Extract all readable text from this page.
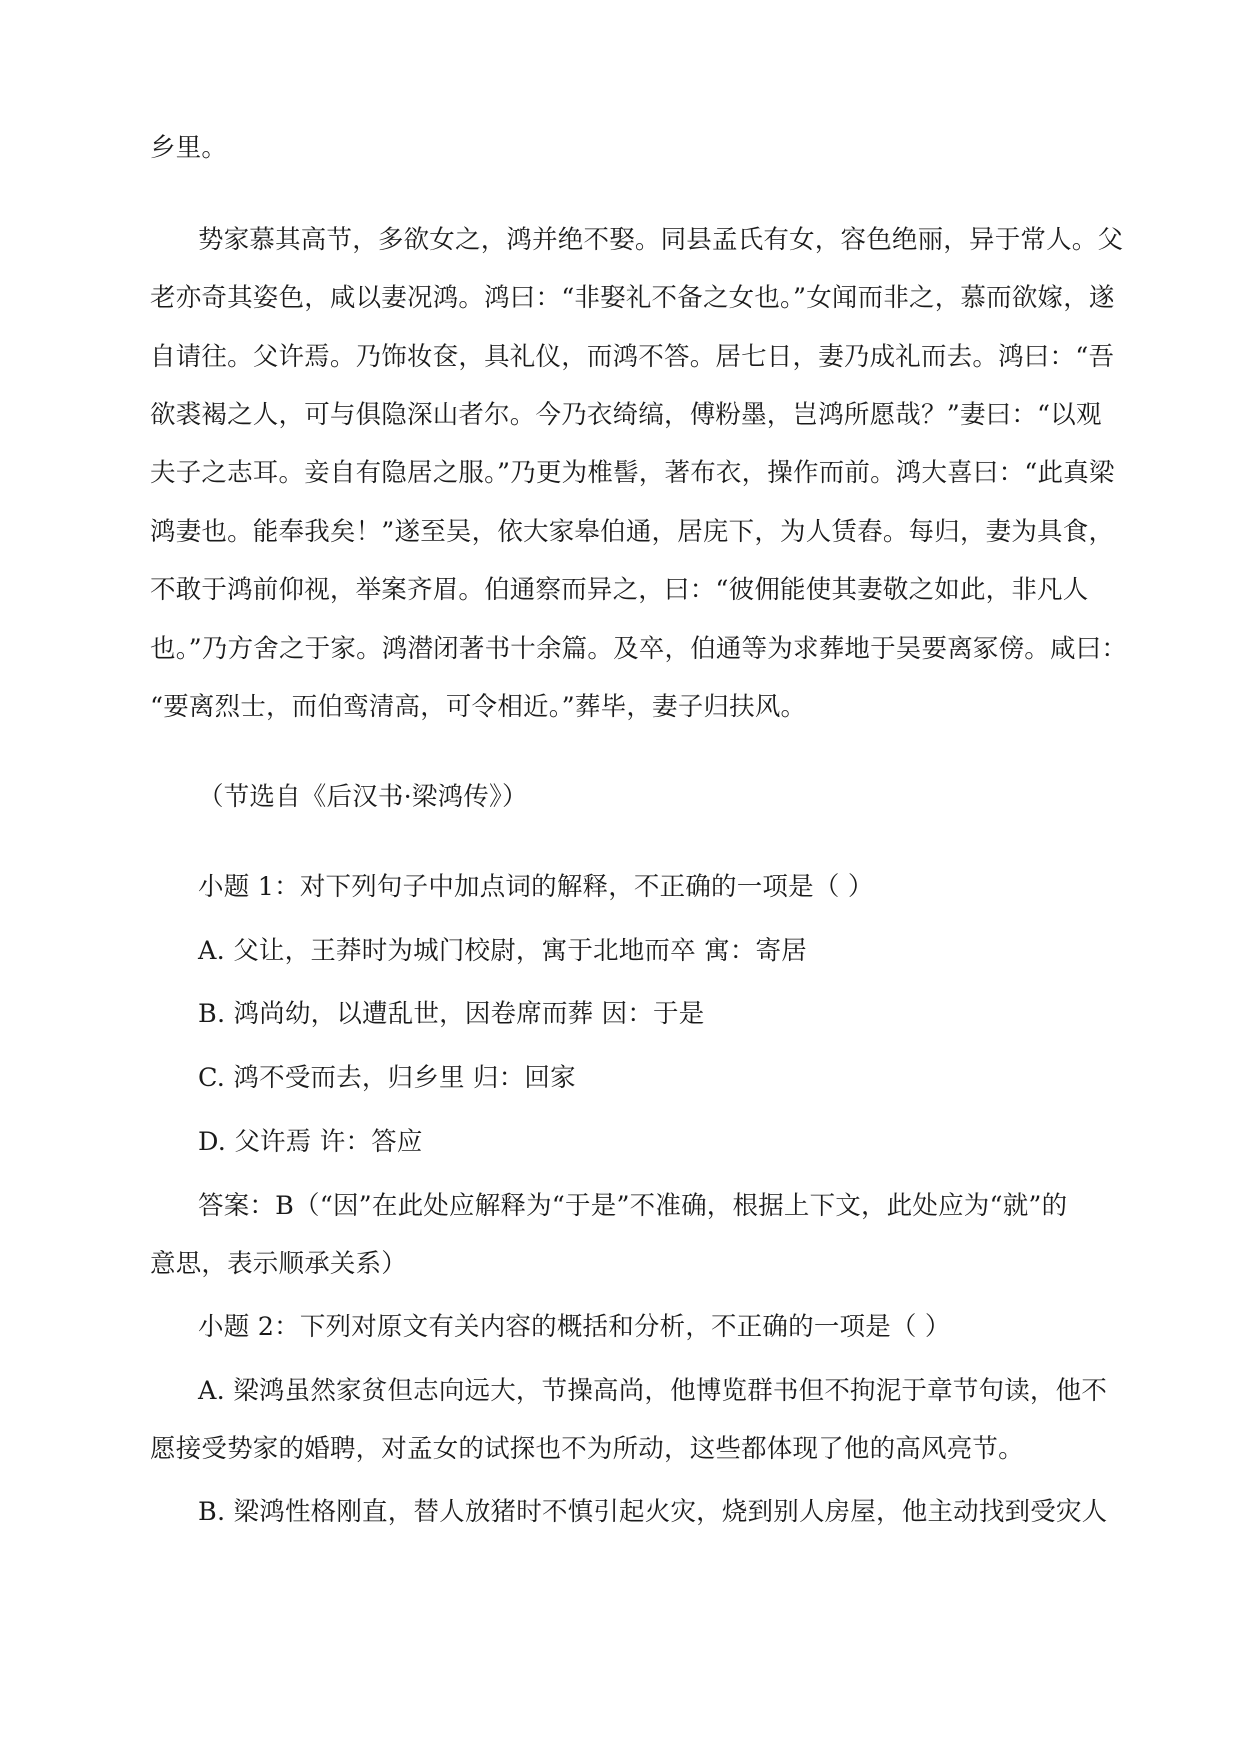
乡里。
势家慕其高节，多欲女之，鸿并绝不娶。同县孟氏有女，容色绝丽，异于常人。父
老亦奇其姿色，咸以妻况鸿。鸿曰：“非娶礼不备之女也。”女闻而非之，慕而欲嫁，遂
自请往。父许焉。乃饰妆奁，具礼仪，而鸿不答。居七日，妻乃成礼而去。鸿曰：“吾
欲裘褐之人，可与俱隐深山者尔。今乃衣绮缟，傅粉墨，岂鸿所愿哉？”妻曰：“以观
夫子之志耳。妾自有隐居之服。”乃更为椎髻，著布衣，操作而前。鸿大喜曰：“此真梁
鸿妻也。能奉我矣！”遂至吴，依大家皋伯通，居庑下，为人赁舂。每归，妻为具食，
不敢于鸿前仰视，举案齐眉。伯通察而异之，曰：“彼佣能使其妻敬之如此，非凡人
也。”乃方舍之于家。鸿潜闭著书十余篇。及卒，伯通等为求葬地于吴要离冢傍。咸曰：
“要离烈士，而伯鸾清高，可令相近。”葬毕，妻子归扶风。
（节选自《后汉书·梁鸿传》）
小题 1：对下列句子中加点词的解释，不正确的一项是（ ）
A. 父让，王莽时为城门校尉，寓于北地而卒 寓：寄居
B. 鸿尚幼，以遭乱世，因卷席而葬 因：于是
C. 鸿不受而去，归乡里 归：回家
D. 父许焉 许：答应
答案：B（“因”在此处应解释为“于是”不准确，根据上下文，此处应为“就”的
意思，表示顺承关系）
小题 2：下列对原文有关内容的概括和分析，不正确的一项是（ ）
A. 梁鸿虽然家贫但志向远大，节操高尚，他博览群书但不拘泥于章节句读，他不
愿接受势家的婚聘，对孟女的试探也不为所动，这些都体现了他的高风亮节。
B. 梁鸿性格刚直，替人放猪时不慎引起火灾，烧到别人房屋，他主动找到受灾人
